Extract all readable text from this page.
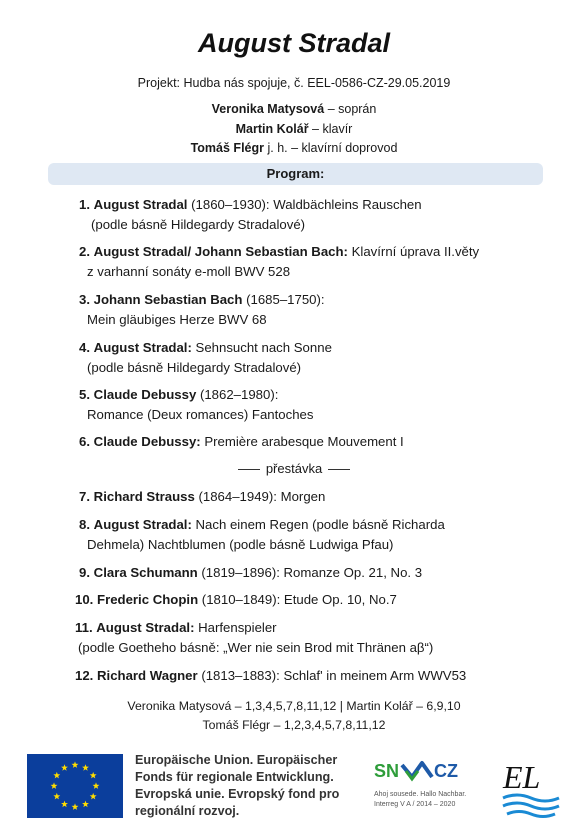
August Stradal
Projekt: Hudba nás spojuje, č. EEL-0586-CZ-29.05.2019
Veronika Matysová – soprán
Martin Kolář – klavír
Tomáš Flégr j. h. – klavírní doprovod
Program:
1. August Stradal (1860–1930): Waldbächleins Rauschen
(podle básně Hildegardy Stradalové)
2. August Stradal/ Johann Sebastian Bach: Klavírní úprava II.věty
z varhanní sonáty e-moll BWV 528
3. Johann Sebastian Bach (1685–1750):
Mein gläubiges Herze BWV 68
4. August Stradal: Sehnsucht nach Sonne
(podle básně Hildegardy Stradalové)
5. Claude Debussy (1862–1980):
Romance (Deux romances) Fantoches
6. Claude Debussy: Première arabesque Mouvement I
7. Richard Strauss (1864–1949): Morgen
8. August Stradal: Nach einem Regen (podle básně Richarda
Dehmela) Nachtblumen (podle básně Ludwiga Pfau)
9. Clara Schumann (1819–1896): Romanze Op. 21, No. 3
10. Frederic Chopin (1810–1849): Etude Op. 10, No.7
11. August Stradal: Harfenspieler
(podle Goetheho básně: „Wer nie sein Brod mit Thränen aβ“)
12. Richard Wagner (1813–1883): Schlaf' in meinem Arm WWV53
přestávka
Veronika Matysová – 1,3,4,5,7,8,11,12 | Martin Kolář – 6,9,10
Tomáš Flégr – 1,2,3,4,5,7,8,11,12
Europäische Union. Europäischer
Fonds für regionale Entwicklung.
Evropská unie. Evropský fond pro
regionální rozvoj.
SN CZ
Ahoj sousede. Hallo Nachbar.
Interreg V A / 2014 – 2020
EL
